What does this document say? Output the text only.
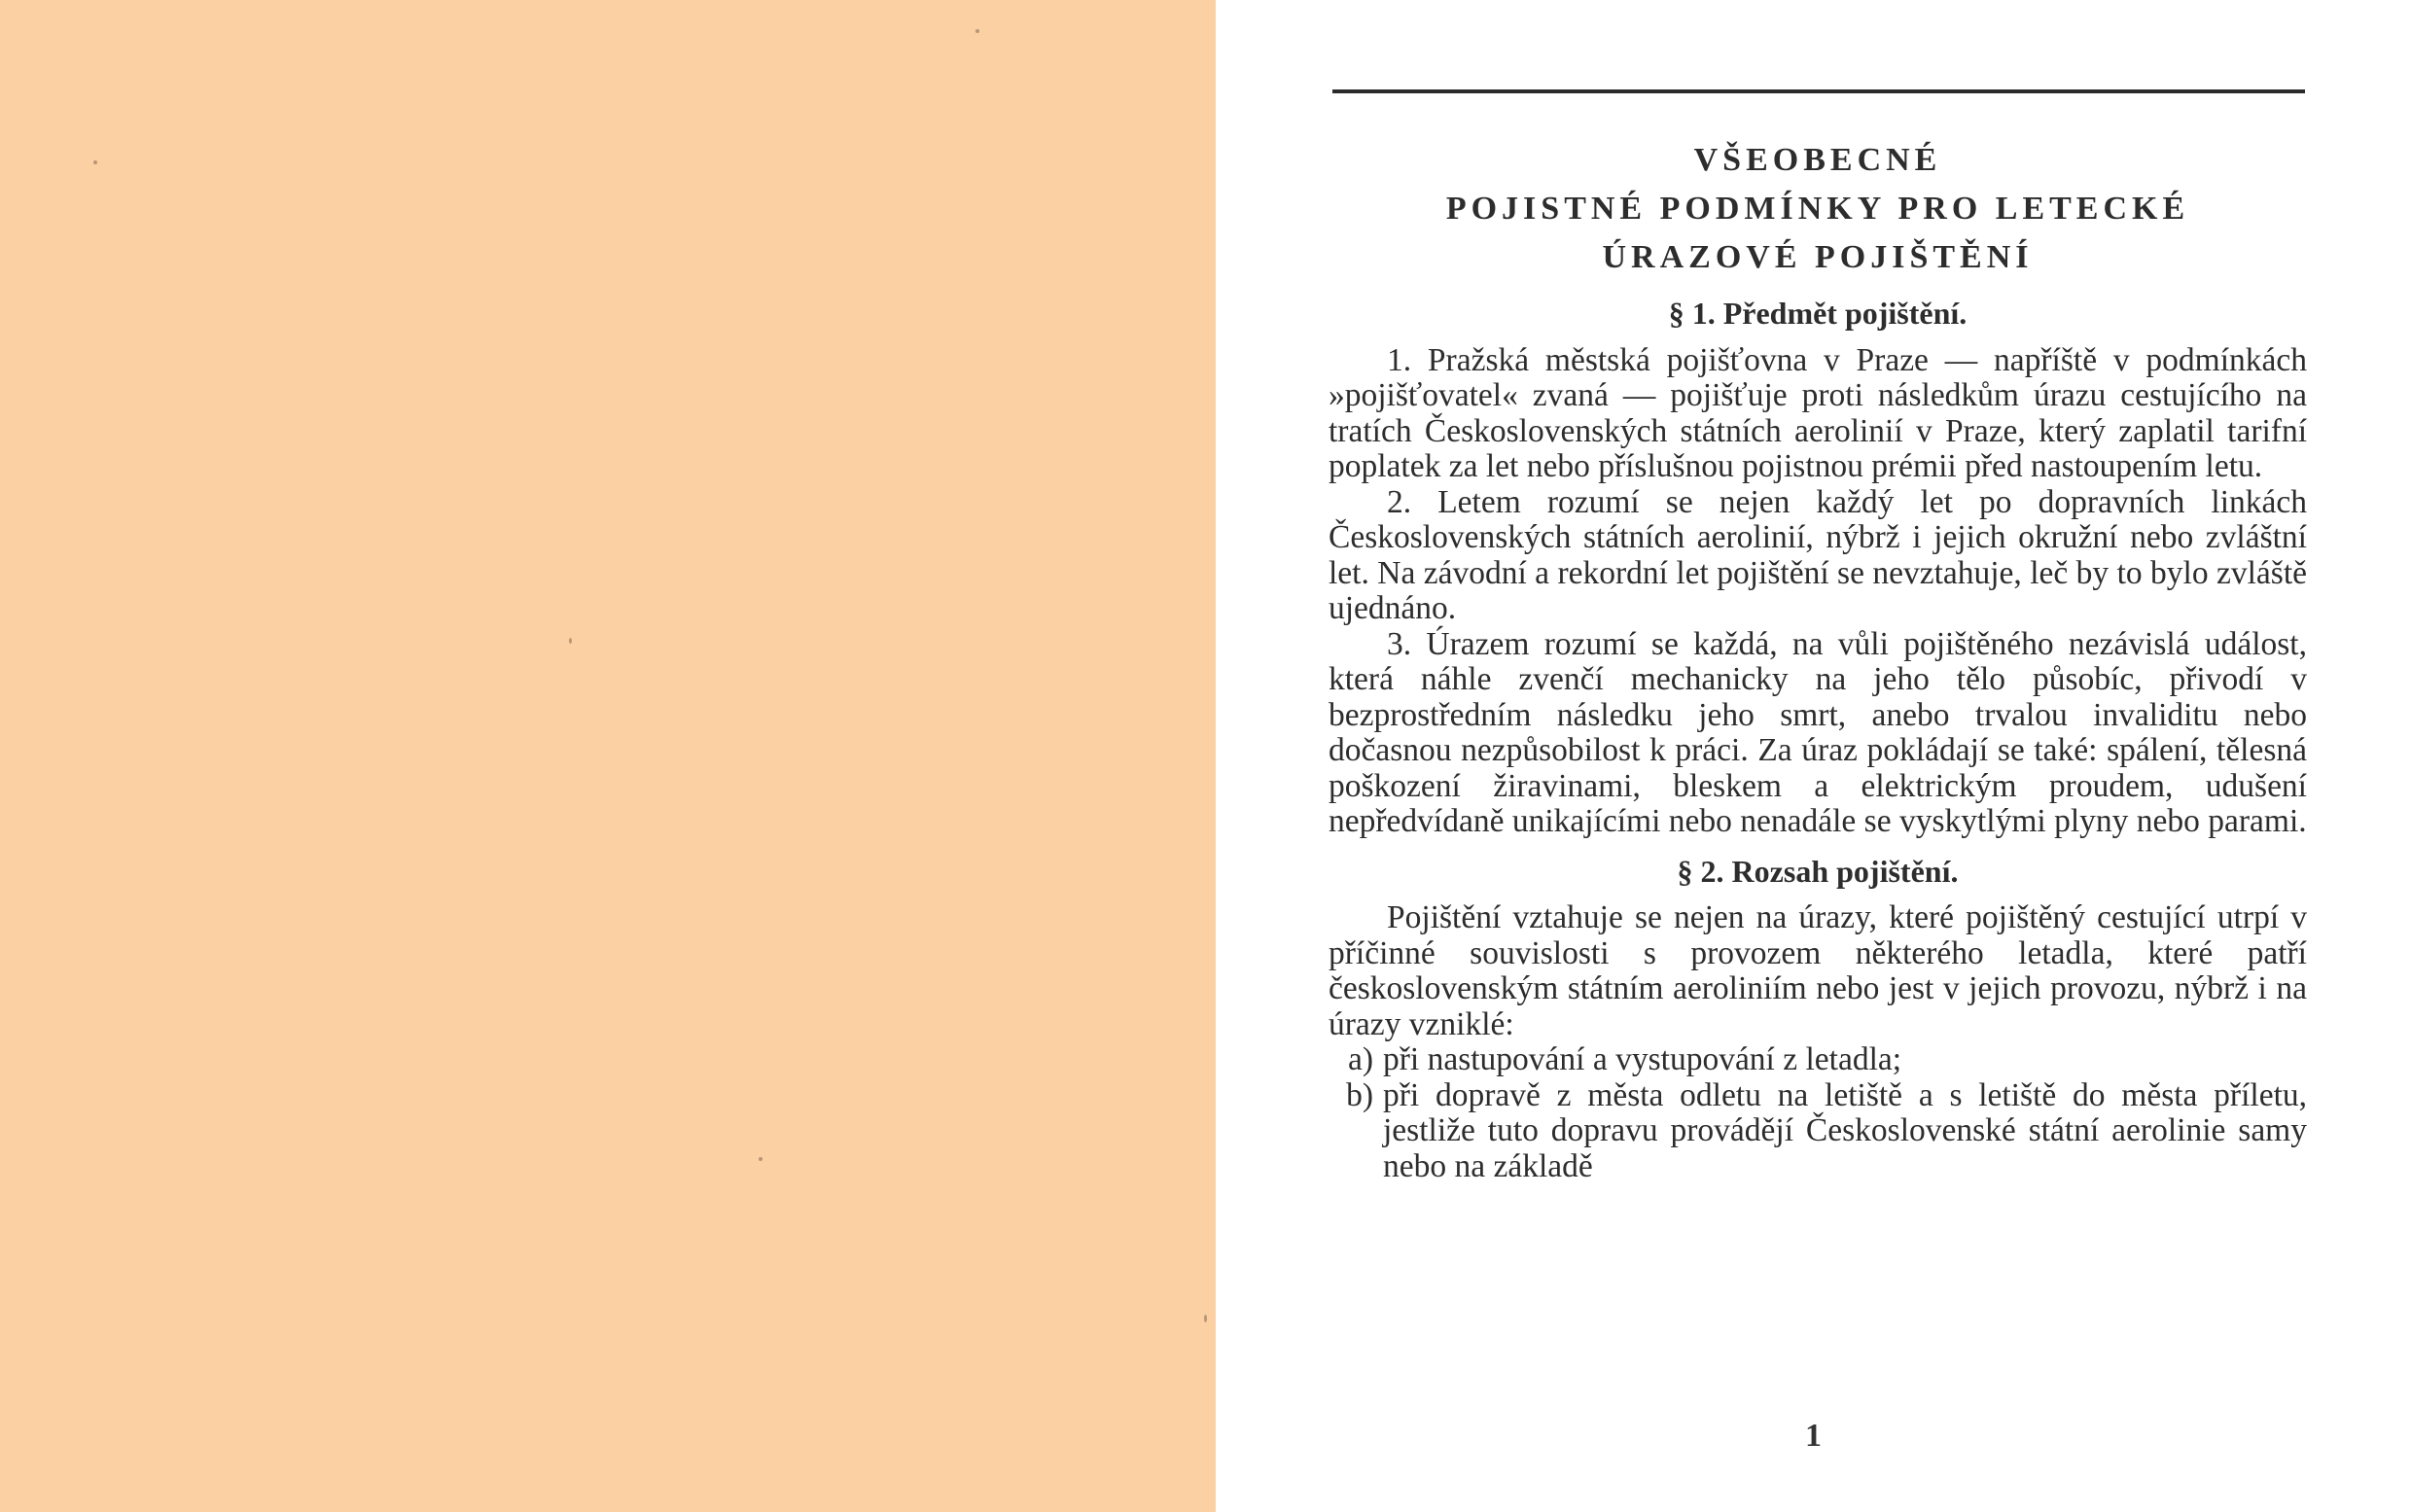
VŠEOBECNÉ
POJISTNÉ PODMÍNKY PRO LETECKÉ
ÚRAZOVÉ POJIŠTĚNÍ
§ 1. Předmět pojištění.

1. Pražská městská pojišťovna v Praze — napříště v podmínkách »pojišťovatel« zvaná — pojišťuje proti následkům úrazu cestujícího na tratích Československých státních aerolinií v Praze, který zaplatil tarifní poplatek za let nebo příslušnou pojistnou prémii před nastoupením letu.

2. Letem rozumí se nejen každý let po dopravních linkách Československých státních aerolinií, nýbrž i jejich okružní nebo zvláštní let. Na závodní a rekordní let pojištění se nevztahuje, leč by to bylo zvláště ujednáno.

3. Úrazem rozumí se každá, na vůli pojištěného nezávislá událost, která náhle zvenčí mechanicky na jeho tělo působíc, přivodí v bezprostředním následku jeho smrt, anebo trvalou invaliditu nebo dočasnou nezpůsobilost k práci. Za úraz pokládají se také: spálení, tělesná poškození žiravinami, bleskem a elektrickým proudem, udušení nepředvídaně unikajícími nebo nenadále se vyskytlými plyny nebo parami.

§ 2. Rozsah pojištění.

Pojištění vztahuje se nejen na úrazy, které pojištěný cestující utrpí v příčinné souvislosti s provozem některého letadla, které patří československým státním aeroliniím nebo jest v jejich provozu, nýbrž i na úrazy vzniklé:

a) při nastupování a vystupování z letadla;
b) při dopravě z města odletu na letiště a s letiště do města příletu, jestliže tuto dopravu provádějí Československé státní aerolinie samy nebo na základě
1
